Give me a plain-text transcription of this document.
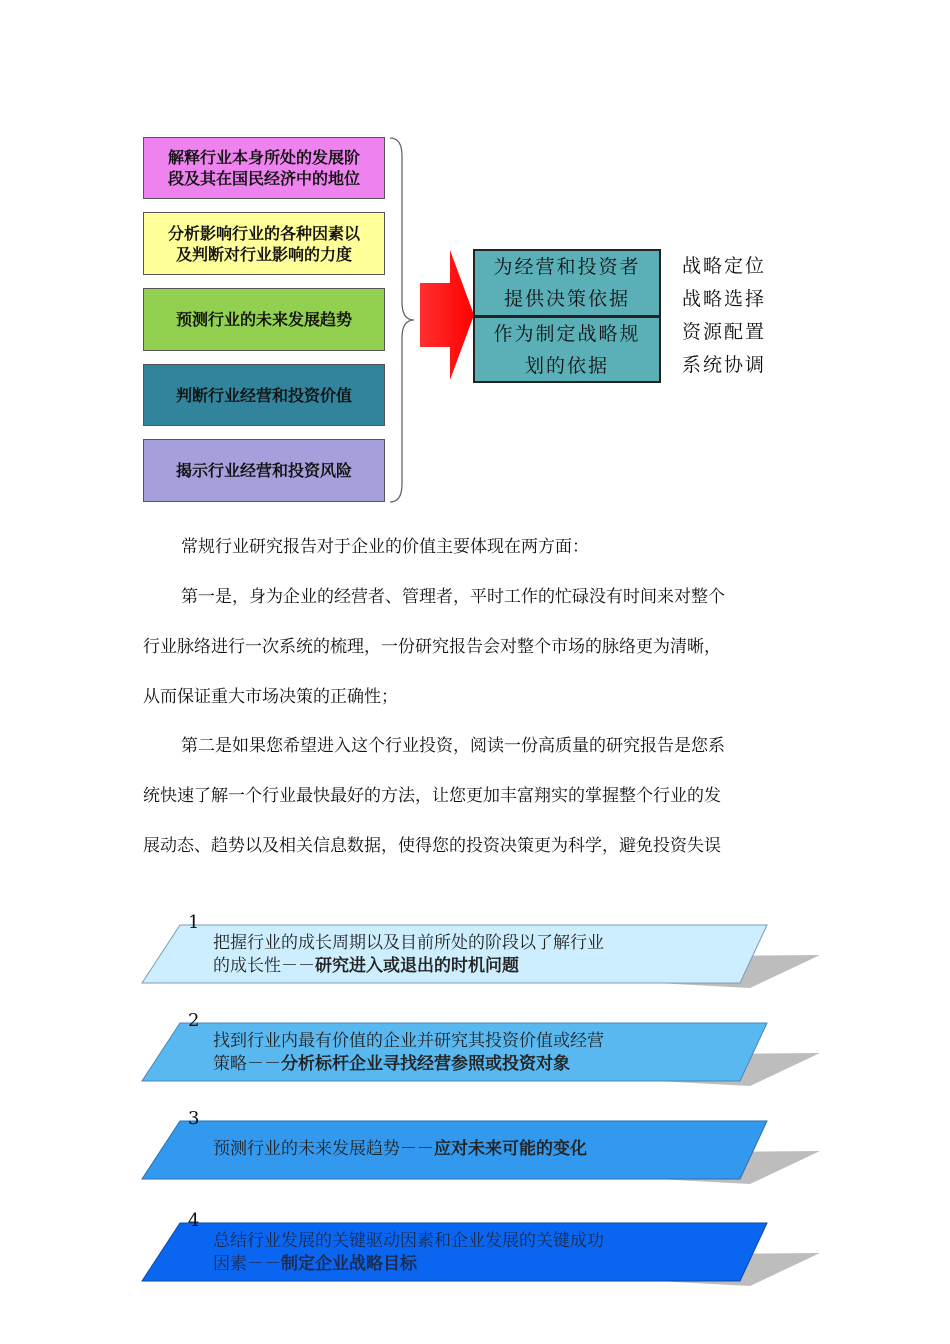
解释行业本身所处的发展阶
段及其在国民经济中的地位
分析影响行业的各种因素以
及判断对行业影响的力度
预测行业的未来发展趋势
判断行业经营和投资价值
揭示行业经营和投资风险
为经营和投资者
提供决策依据
作为制定战略规
划的依据
战略定位
战略选择
资源配置
系统协调
常规行业研究报告对于企业的价值主要体现在两方面：
第一是，身为企业的经营者、管理者，平时工作的忙碌没有时间来对整个
行业脉络进行一次系统的梳理，一份研究报告会对整个市场的脉络更为清晰，
从而保证重大市场决策的正确性；
第二是如果您希望进入这个行业投资，阅读一份高质量的研究报告是您系
统快速了解一个行业最快最好的方法，让您更加丰富翔实的掌握整个行业的发
展动态、趋势以及相关信息数据，使得您的投资决策更为科学，避免投资失误
1
把握行业的成长周期以及目前所处的阶段以了解行业
的成长性－－研究进入或退出的时机问题
2
找到行业内最有价值的企业并研究其投资价值或经营
策略－－分析标杆企业寻找经营参照或投资对象
3
预测行业的未来发展趋势－－应对未来可能的变化
4
总结行业发展的关键驱动因素和企业发展的关键成功
因素－－制定企业战略目标
